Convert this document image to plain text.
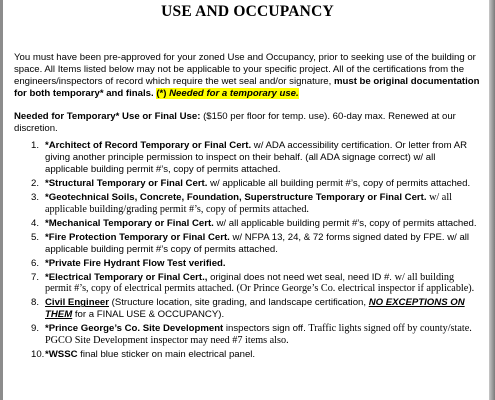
USE AND OCCUPANCY

You must have been pre-approved for your zoned Use and Occupancy, prior to seeking use of the building or space. All Items listed below may not be applicable to your specific project. All of the certifications from the engineers/inspectors of record which require the wet seal and/or signature, must be original documentation for both temporary* and finals. (*) Needed for a temporary use.

Needed for Temporary* Use or Final Use: ($150 per floor for temp. use). 60-day max. Renewed at our discretion.

1. *Architect of Record Temporary or Final Cert. w/ ADA accessibility certification. Or letter from AR giving another principle permission to inspect on their behalf. (all ADA signage correct) w/ all applicable building permit #’s, copy of permits attached.
2. *Structural Temporary or Final Cert. w/ applicable all building permit #’s, copy of permits attached.
3. *Geotechnical Soils, Concrete, Foundation, Superstructure Temporary or Final Cert. w/ all applicable building/grading permit #’s, copy of permits attached.
4. *Mechanical Temporary or Final Cert. w/ all applicable building permit #’s, copy of permits attached.
5. *Fire Protection Temporary or Final Cert. w/ NFPA 13, 24, & 72 forms signed dated by FPE. w/ all applicable building permit #’s copy of permits attached.
6. *Private Fire Hydrant Flow Test verified.
7. *Electrical Temporary or Final Cert., original does not need wet seal, need ID #. w/ all building permit #’s, copy of electrical permits attached. (Or Prince George’s Co. electrical inspector if applicable).
8. Civil Engineer (Structure location, site grading, and landscape certification, NO EXCEPTIONS ON THEM for a FINAL USE & OCCUPANCY).
9. *Prince George’s Co. Site Development inspectors sign off. Traffic lights signed off by county/state. PGCO Site Development inspector may need #7 items also.
10. *WSSC final blue sticker on main electrical panel.
